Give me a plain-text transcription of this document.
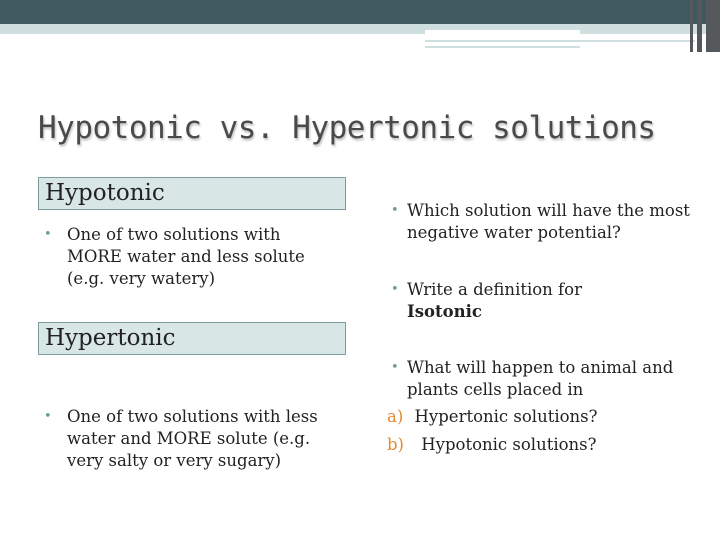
Hypotonic vs. Hypertonic solutions
Hypotonic
• One of two solutions with MORE water and less solute (e.g. very watery)
Hypertonic
• One of two solutions with less water and MORE solute (e.g. very salty or very sugary)
• Which solution will have the most negative water potential?
• Write a definition for
Isotonic
• What will happen to animal and plants cells placed in
a) Hypertonic solutions?
b) Hypotonic solutions?
